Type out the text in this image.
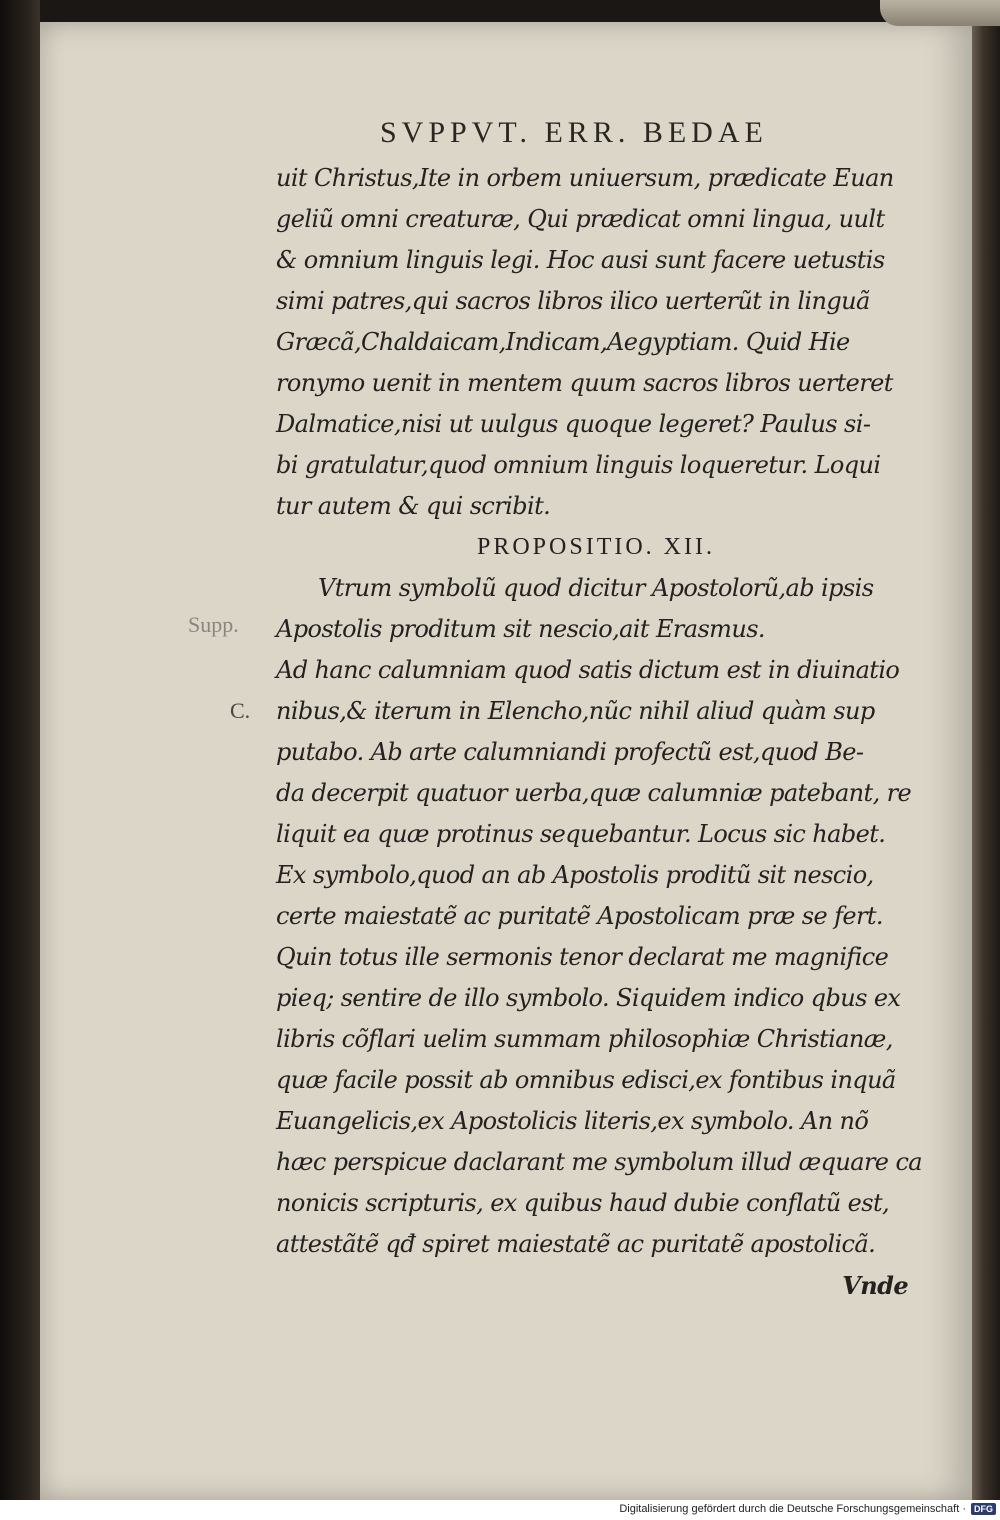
SVPPVT. ERR. BEDAE
Supp.
C.
uit Christus,Ite in orbem uniuersum, prædicate Euan
geliũ omni creaturæ, Qui prædicat omni lingua, uult
& omnium linguis legi. Hoc ausi sunt facere uetustis
simi patres,qui sacros libros ilico uerterũt in linguã
Græcã,Chaldaicam,Indicam,Aegyptiam. Quid Hie
ronymo uenit in mentem quum sacros libros uerteret
Dalmatice,nisi ut uulgus quoque legeret? Paulus si-
bi gratulatur,quod omnium linguis loqueretur. Loqui
tur autem & qui scribit.
PROPOSITIO. XII.
Vtrum symbolũ quod dicitur Apostolorũ,ab ipsis
Apostolis proditum sit nescio,ait Erasmus.
Ad hanc calumniam quod satis dictum est in diuinatio
nibus,& iterum in Elencho,nũc nihil aliud quàm sup
putabo. Ab arte calumniandi profectũ est,quod Be-
da decerpit quatuor uerba,quæ calumniæ patebant, re
liquit ea quæ protinus sequebantur. Locus sic habet.
Ex symbolo,quod an ab Apostolis proditũ sit nescio,
certe maiestatẽ ac puritatẽ Apostolicam præ se fert.
Quin totus ille sermonis tenor declarat me magnifice
pieq; sentire de illo symbolo. Siquidem indico qbus ex
libris cõflari uelim summam philosophiæ Christianæ,
quæ facile possit ab omnibus edisci,ex fontibus inquã
Euangelicis,ex Apostolicis literis,ex symbolo. An nõ
hæc perspicue daclarant me symbolum illud æquare ca
nonicis scripturis, ex quibus haud dubie conflatũ est,
attestãtẽ qđ spiret maiestatẽ ac puritatẽ apostolicã.
Vnde
Digitalisierung gefördert durch die Deutsche Forschungsgemeinschaft · DFG
